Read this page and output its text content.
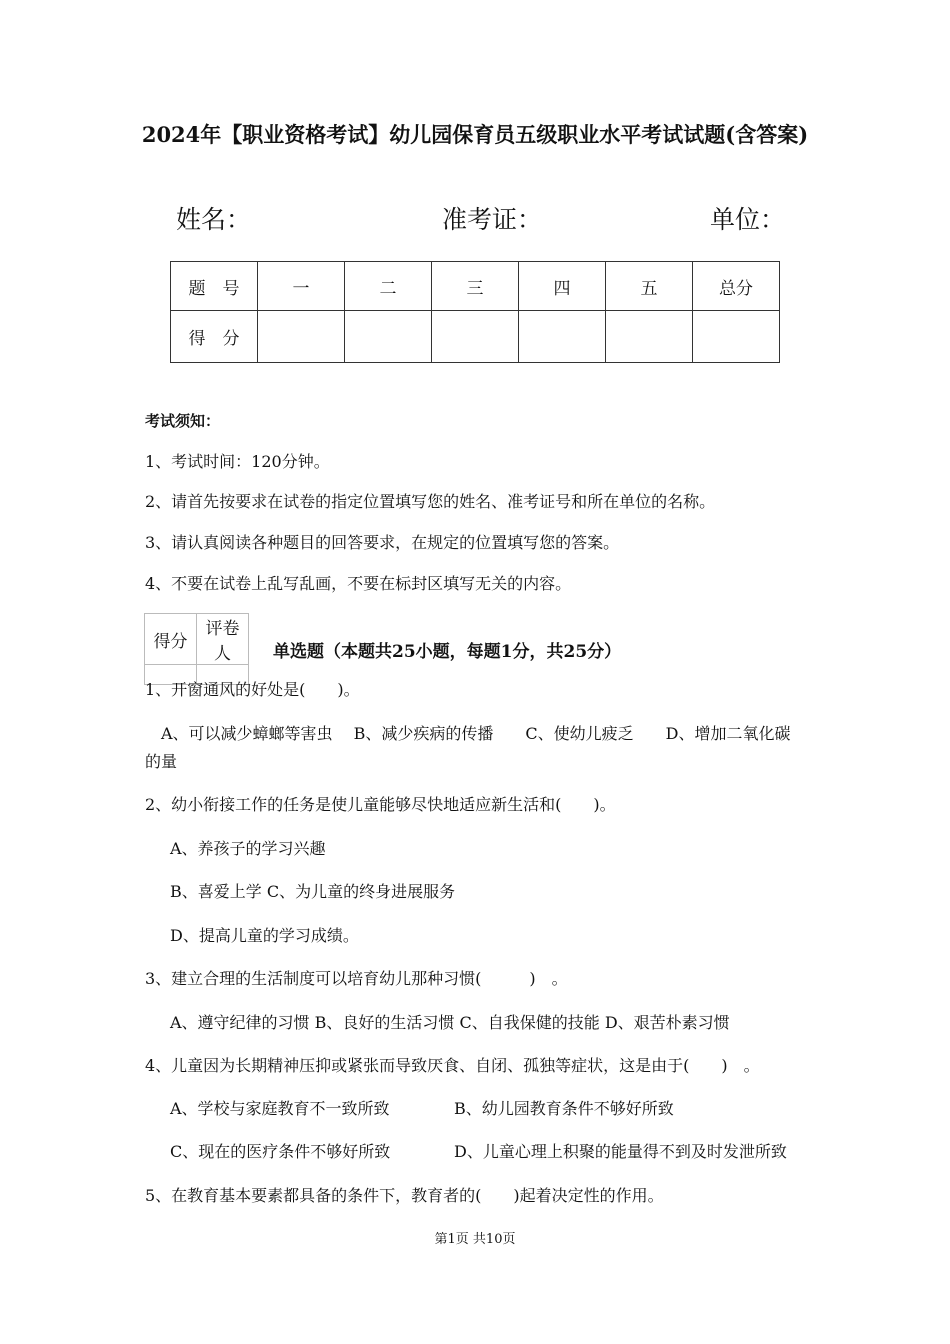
2024年【职业资格考试】幼儿园保育员五级职业水平考试试题(含答案)
姓名：	准考证：	单位：
题　号	一	二	三	四	五	总分
得　分						
考试须知：
1、考试时间：120分钟。
2、请首先按要求在试卷的指定位置填写您的姓名、准考证号和所在单位的名称。
3、请认真阅读各种题目的回答要求，在规定的位置填写您的答案。
4、不要在试卷上乱写乱画，不要在标封区填写无关的内容。
得分	评卷人
	单选题（本题共25小题，每题1分，共25分）
1、开窗通风的好处是(　　)。
　A、可以减少蟑螂等害虫　 B、减少疾病的传播　　C、使幼儿疲乏　　D、增加二氧化碳
的量
2、幼小衔接工作的任务是使儿童能够尽快地适应新生活和(　　)。
A、养孩子的学习兴趣
B、喜爱上学 C、为儿童的终身进展服务
D、提高儿童的学习成绩。
3、建立合理的生活制度可以培育幼儿那种习惯(　　　)　。
A、遵守纪律的习惯 B、良好的生活习惯 C、自我保健的技能 D、艰苦朴素习惯
4、儿童因为长期精神压抑或紧张而导致厌食、自闭、孤独等症状，这是由于(　　)　。
A、学校与家庭教育不一致所致	B、幼儿园教育条件不够好所致
C、现在的医疗条件不够好所致	D、儿童心理上积聚的能量得不到及时发泄所致
5、在教育基本要素都具备的条件下，教育者的(　　)起着决定性的作用。
第1页 共10页
